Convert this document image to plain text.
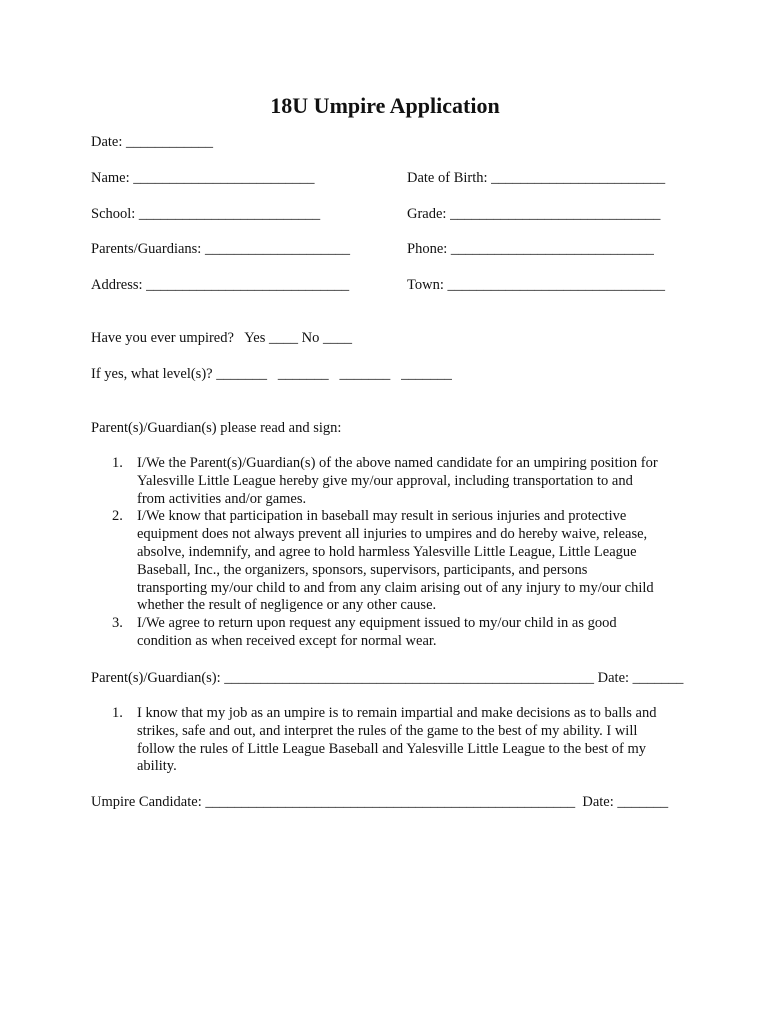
18U Umpire Application
Date: ____________
Name: _________________________	Date of Birth: ________________________
School: _________________________	Grade: _____________________________
Parents/Guardians: ____________________	Phone: ____________________________
Address: ____________________________	Town: ______________________________
Have you ever umpired?   Yes ____ No ____
If yes, what level(s)? _______   _______   _______   _______
Parent(s)/Guardian(s) please read and sign:
1. I/We the Parent(s)/Guardian(s) of the above named candidate for an umpiring position for
Yalesville Little League hereby give my/our approval, including transportation to and
from activities and/or games.
2. I/We know that participation in baseball may result in serious injuries and protective
equipment does not always prevent all injuries to umpires and do hereby waive, release,
absolve, indemnify, and agree to hold harmless Yalesville Little League, Little League
Baseball, Inc., the organizers, sponsors, supervisors, participants, and persons
transporting my/our child to and from any claim arising out of any injury to my/our child
whether the result of negligence or any other cause.
3. I/We agree to return upon request any equipment issued to my/our child in as good
condition as when received except for normal wear.
Parent(s)/Guardian(s): ___________________________________________________ Date: _______
1. I know that my job as an umpire is to remain impartial and make decisions as to balls and
strikes, safe and out, and interpret the rules of the game to the best of my ability. I will
follow the rules of Little League Baseball and Yalesville Little League to the best of my
ability.
Umpire Candidate: ___________________________________________________  Date: _______
